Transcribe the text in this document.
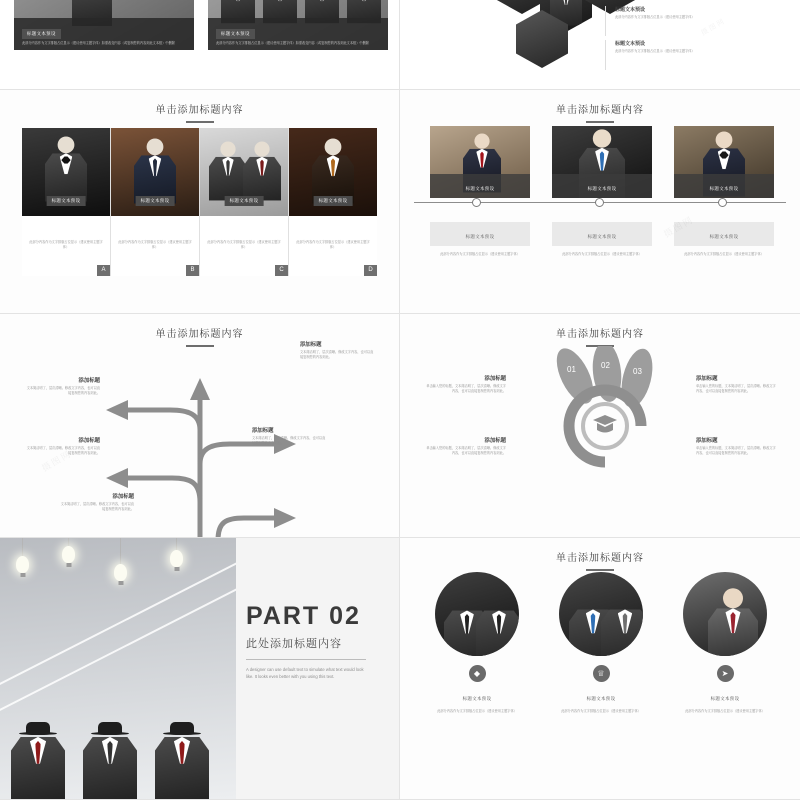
标题文本预设
此部分内容作为文字排版占位显示（建议使用主题字体）如需改变内容（或复制您的内容到此文本框）中删除
标题文本预设
此部分内容作为文字排版占位显示（建议使用主题字体）如需改变内容（或复制您的内容到此文本框）中删除
标题文本预设
此部分内容作为文字排版占位显示（建议使用主题字体）
标题文本预设
此部分内容作为文字排版占位显示（建议使用主题字体）
摄图网
单击添加标题内容
标题文本预设
此部分内容作为文字排版占位显示（建议使用主题字体）
A
标题文本预设
此部分内容作为文字排版占位显示（建议使用主题字体）
B
标题文本预设
此部分内容作为文字排版占位显示（建议使用主题字体）
C
标题文本预设
此部分内容作为文字排版占位显示（建议使用主题字体）
D
单击添加标题内容
标题文本预设
标题文本预设
此部分内容作为文字排版占位显示（建议使用主题字体）
标题文本预设
标题文本预设
此部分内容作为文字排版占位显示（建议使用主题字体）
标题文本预设
标题文本预设
此部分内容作为文字排版占位显示（建议使用主题字体）
单击添加标题内容
添加标题
文本简洁明了，层次清晰。修改文字内容，也可以直接复制您的内容到此。
添加标题
文本简洁明了，层次清晰。修改文字内容，也可以直接复制您的内容到此。
添加标题
文本简洁明了，层次清晰。修改文字内容，也可以直接复制您的内容到此。
添加标题
文本简洁明了，层次清晰。修改文字内容，也可以直接复制您的内容到此。
添加标题
文本简洁明了，层次清晰。修改文字内容，也可以直接复制您的内容到此。
摄图网
单击添加标题内容
01	02
03
添加标题
单击输入您的标题，文本简洁明了，层次清晰。修改文字内容，也可以直接复制您的内容到此。
添加标题
单击输入您的标题，文本简洁明了，层次清晰。修改文字内容，也可以直接复制您的内容到此。
添加标题
单击输入您的标题，文本简洁明了，层次清晰。修改文字内容，也可以直接复制您的内容到此。
添加标题
单击输入您的标题，文本简洁明了，层次清晰。修改文字内容，也可以直接复制您的内容到此。
PART 02
此处添加标题内容
A designer can use default text to simulate what text would look like. It looks even better with you using this text.
单击添加标题内容
◆
标题文本预设
此部分内容作为文字排版占位显示（建议使用主题字体）
♕
标题文本预设
此部分内容作为文字排版占位显示（建议使用主题字体）
➤
标题文本预设
此部分内容作为文字排版占位显示（建议使用主题字体）
